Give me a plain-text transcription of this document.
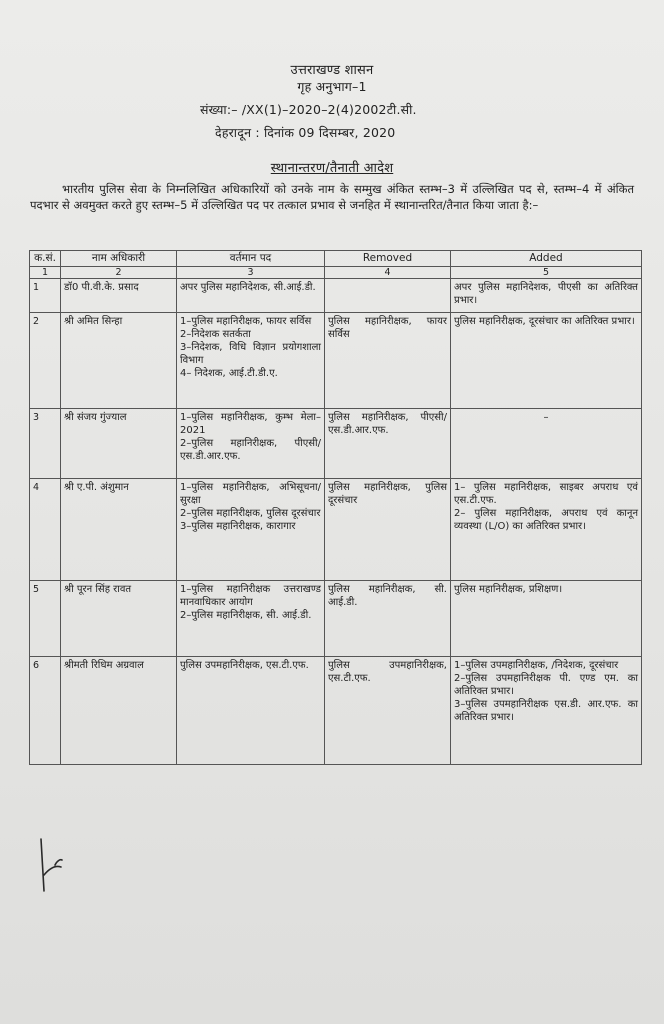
उत्तराखण्ड शासन
गृह अनुभाग–1
संख्या:– /XX(1)–2020–2(4)2002टी.सी.
देहरादून : दिनांक 09 दिसम्बर, 2020
स्थानान्तरण/तैनाती आदेश
भारतीय पुलिस सेवा के निम्नलिखित अधिकारियों को उनके नाम के सम्मुख अंकित स्तम्भ–3 में उल्लिखित पद से, स्तम्भ–4 में अंकित पदभार से अवमुक्त करते हुए स्तम्भ–5 में उल्लिखित पद पर तत्काल प्रभाव से जनहित में स्थानान्तरित/तैनात किया जाता है:–
क.सं.	नाम अधिकारी	वर्तमान पद	Removed	Added
1	2	3	4	5
1	डॉ0 पी.वी.के. प्रसाद	अपर पुलिस महानिदेशक, सी.आई.डी.		अपर पुलिस महानिदेशक, पीएसी का अतिरिक्त प्रभार।

2	श्री अमित सिन्हा	1–पुलिस महानिरीक्षक, फायर सर्विस
2–निदेशक सतर्कता
3–निदेशक, विधि विज्ञान प्रयोगशाला विभाग
4– निदेशक, आई.टी.डी.ए.	पुलिस महानिरीक्षक, फायर सर्विस	पुलिस महानिरीक्षक, दूरसंचार का अतिरिक्त प्रभार।

3	श्री संजय गुंज्याल	1–पुलिस महानिरीक्षक, कुम्भ मेला–2021
2–पुलिस महानिरीक्षक, पीएसी/एस.डी.आर.एफ.	पुलिस महानिरीक्षक, पीएसी/एस.डी.आर.एफ.	–

4	श्री ए.पी. अंशुमान	1–पुलिस महानिरीक्षक, अभिसूचना/सुरक्षा
2–पुलिस महानिरीक्षक, पुलिस दूरसंचार
3–पुलिस महानिरीक्षक, कारागार	पुलिस महानिरीक्षक, पुलिस दूरसंचार	1– पुलिस महानिरीक्षक, साइबर अपराध एवं एस.टी.एफ.
2– पुलिस महानिरीक्षक, अपराध एवं कानून व्यवस्था (L/O) का अतिरिक्त प्रभार।

5	श्री पूरन सिंह रावत	1–पुलिस महानिरीक्षक उत्तराखण्ड मानवाधिकार आयोग
2–पुलिस महानिरीक्षक, सी. आई.डी.	पुलिस महानिरीक्षक, सी. आई.डी.	पुलिस महानिरीक्षक, प्रशिक्षण।

6	श्रीमती रिधिम अग्रवाल	पुलिस उपमहानिरीक्षक, एस.टी.एफ.	पुलिस उपमहानिरीक्षक, एस.टी.एफ.	1–पुलिस उपमहानिरीक्षक, /निदेशक, दूरसंचार
2–पुलिस उपमहानिरीक्षक पी. एण्ड एम. का अतिरिक्त प्रभार।
3–पुलिस उपमहानिरीक्षक एस.डी. आर.एफ. का अतिरिक्त प्रभार।
